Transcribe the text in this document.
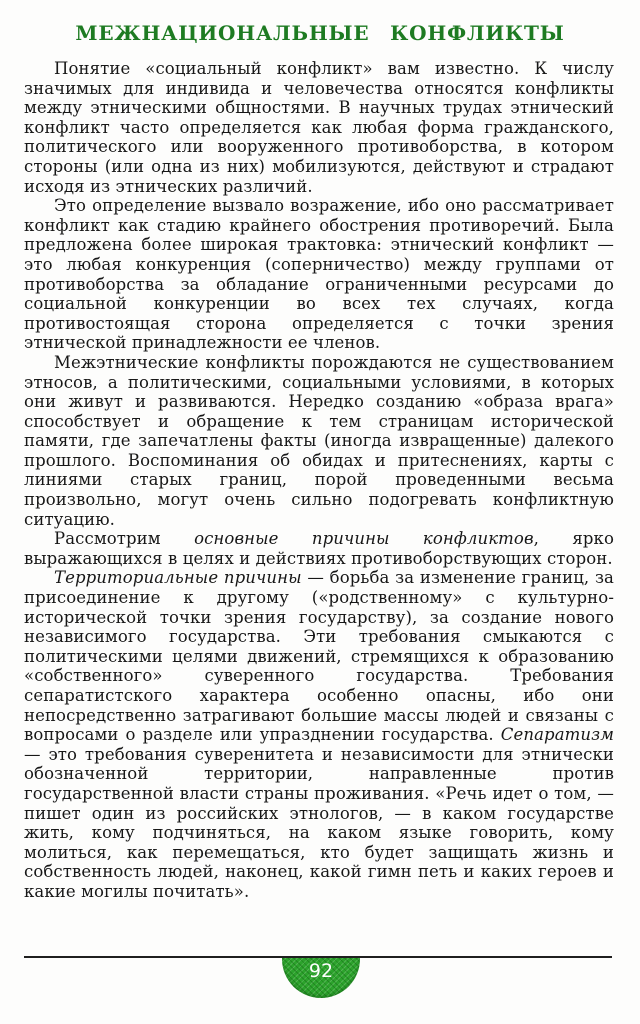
МЕЖНАЦИОНАЛЬНЫЕ КОНФЛИКТЫ

Понятие «социальный конфликт» вам известно. К числу значимых для индивида и человечества относятся конфликты между этническими общностями. В научных трудах этнический конфликт часто определяется как любая форма гражданского, политического или вооруженного противоборства, в котором стороны (или одна из них) мобилизуются, действуют и страдают исходя из этнических различий.

Это определение вызвало возражение, ибо оно рассматривает конфликт как стадию крайнего обострения противоречий. Была предложена более широкая трактовка: этнический конфликт — это любая конкуренция (соперничество) между группами от противоборства за обладание ограниченными ресурсами до социальной конкуренции во всех тех случаях, когда противостоящая сторона определяется с точки зрения этнической принадлежности ее членов.

Межэтнические конфликты порождаются не существованием этносов, а политическими, социальными условиями, в которых они живут и развиваются. Нередко созданию «образа врага» способствует и обращение к тем страницам исторической памяти, где запечатлены факты (иногда извращенные) далекого прошлого. Воспоминания об обидах и притеснениях, карты с линиями старых границ, порой проведенными весьма произвольно, могут очень сильно подогревать конфликтную ситуацию.

Рассмотрим основные причины конфликтов, ярко выражающихся в целях и действиях противоборствующих сторон.

Территориальные причины — борьба за изменение границ, за присоединение к другому («родственному» с культурно-исторической точки зрения государству), за создание нового независимого государства. Эти требования смыкаются с политическими целями движений, стремящихся к образованию «собственного» суверенного государства. Требования сепаратистского характера особенно опасны, ибо они непосредственно затрагивают большие массы людей и связаны с вопросами о разделе или упразднении государства. Сепаратизм — это требования суверенитета и независимости для этнически обозначенной территории, направленные против государственной власти страны проживания. «Речь идет о том, — пишет один из российских этнологов, — в каком государстве жить, кому подчиняться, на каком языке говорить, кому молиться, как перемещаться, кто будет защищать жизнь и собственность людей, наконец, какой гимн петь и каких героев и какие могилы почитать».

92
